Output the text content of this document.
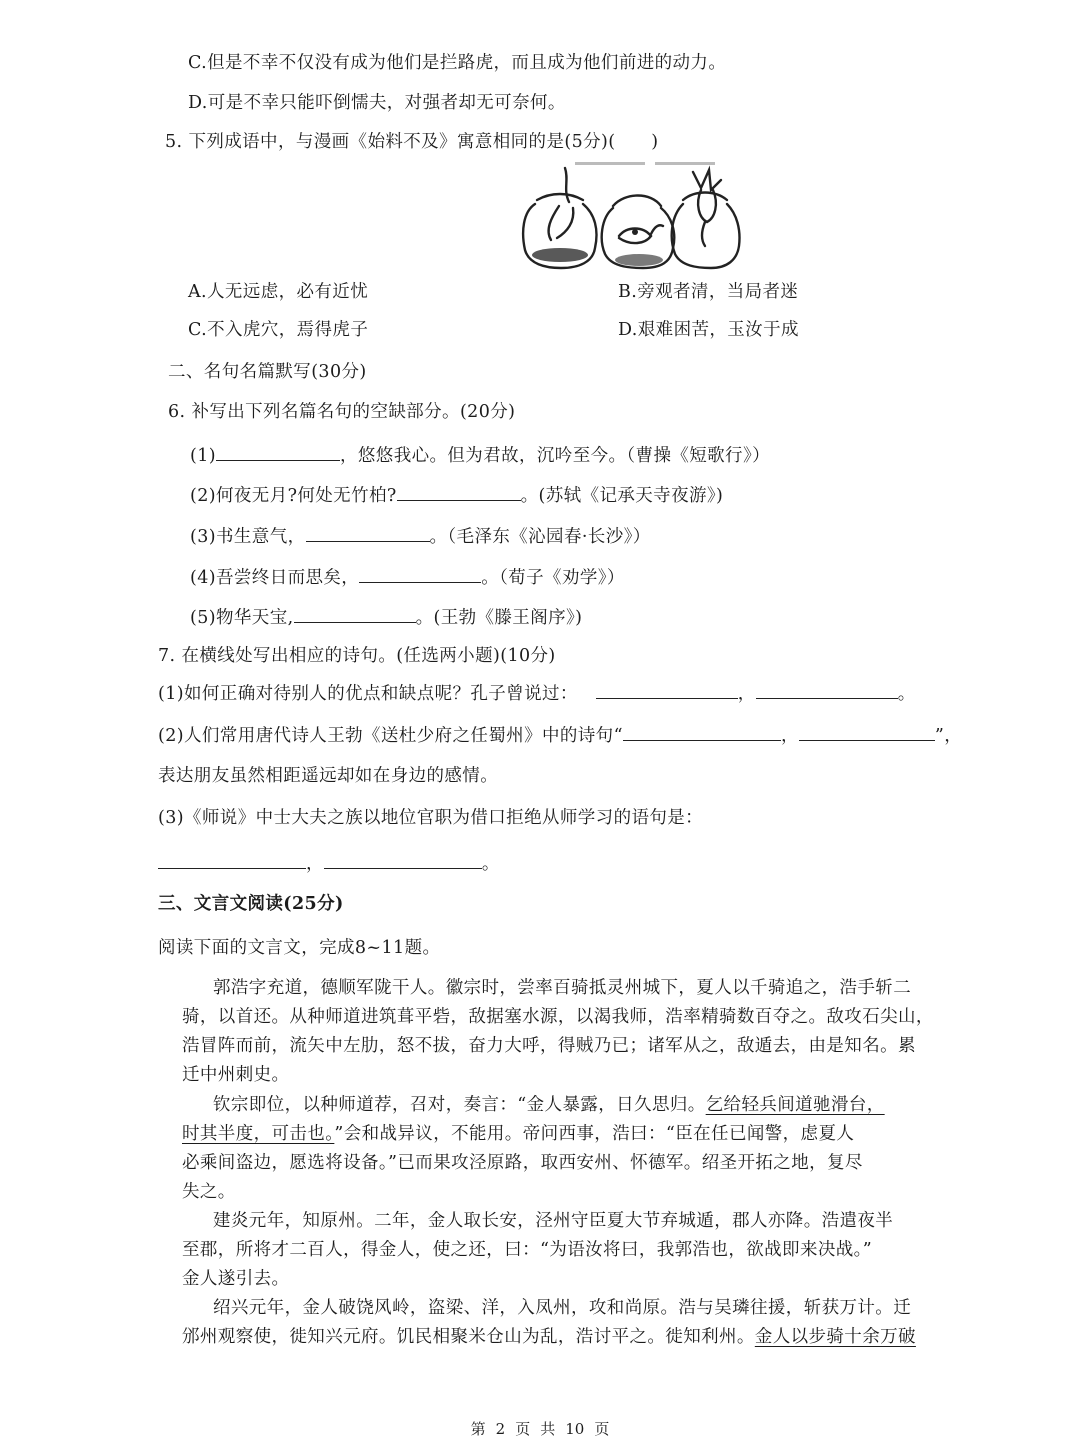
C.但是不幸不仅没有成为他们是拦路虎，而且成为他们前进的动力。
D.可是不幸只能吓倒懦夫，对强者却无可奈何。
5. 下列成语中，与漫画《始料不及》寓意相同的是(5分)(　　)
A.人无远虑，必有近忧	B.旁观者清，当局者迷
C.不入虎穴，焉得虎子	D.艰难困苦，玉汝于成
二、名句名篇默写(30分)
6. 补写出下列名篇名句的空缺部分。(20分)
(1)	，悠悠我心。但为君故，沉吟至今。（曹操《短歌行》）
(2)何夜无月?何处无竹柏?	。(苏轼《记承天寺夜游》)
(3)书生意气，	。（毛泽东《沁园春·长沙》）
(4)吾尝终日而思矣，	。（荀子《劝学》）
(5)物华天宝,	。(王勃《滕王阁序》)
7. 在横线处写出相应的诗句。(任选两小题)(10分)
(1)如何正确对待别人的优点和缺点呢？孔子曾说过：	，	。
(2)人们常用唐代诗人王勃《送杜少府之任蜀州》中的诗句“	，	”，
表达朋友虽然相距遥远却如在身边的感情。
(3)《师说》中士大夫之族以地位官职为借口拒绝从师学习的语句是：
，	。
三、文言文阅读(25分)
阅读下面的文言文，完成8~11题。
郭浩字充道，德顺军陇干人。徽宗时，尝率百骑抵灵州城下，夏人以千骑追之，浩手斩二
骑，以首还。从种师道进筑葺平砦，敌据塞水源，以渴我师，浩率精骑数百夺之。敌攻石尖山，
浩冒阵而前，流矢中左肋，怒不拔，奋力大呼，得贼乃已；诸军从之，敌遁去，由是知名。累
迁中州刺史。
钦宗即位，以种师道荐，召对，奏言：“金人暴露，日久思归。乞给轻兵间道驰滑台，
时其半度，可击也。”会和战异议，不能用。帝问西事，浩曰：“臣在任已闻警，虑夏人
必乘间盗边，愿选将设备。”已而果攻泾原路，取西安州、怀德军。绍圣开拓之地，复尽
失之。
建炎元年，知原州。二年，金人取长安，泾州守臣夏大节弃城遁，郡人亦降。浩遣夜半
至郡，所将才二百人，得金人，使之还，曰：“为语汝将曰，我郭浩也，欲战即来决战。”
金人遂引去。
绍兴元年，金人破饶风岭，盗梁、洋，入凤州，攻和尚原。浩与吴璘往援，斩获万计。迁
邠州观察使，徙知兴元府。饥民相聚米仓山为乱，浩讨平之。徙知利州。金人以步骑十余万破
第 2 页 共 10 页
